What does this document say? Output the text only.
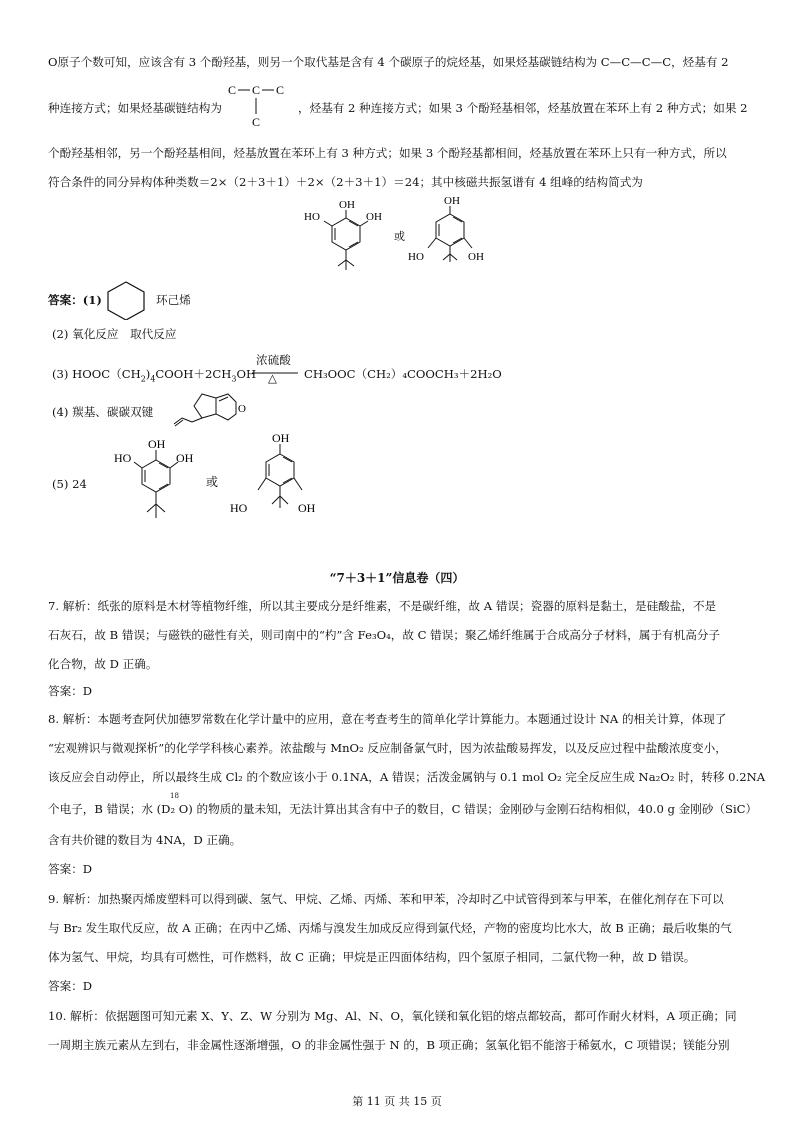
O原子个数可知，应该含有 3 个酚羟基，则另一个取代基是含有 4 个碳原子的烷烃基，如果烃基碳链结构为 C—C—C—C，烃基有 2
C C C
C
种连接方式；如果烃基碳链结构为	，烃基有 2 种连接方式；如果 3 个酚羟基相邻，烃基放置在苯环上有 2 种方式；如果 2
个酚羟基相邻，另一个酚羟基相间，烃基放置在苯环上有 3 种方式；如果 3 个酚羟基都相间，烃基放置在苯环上只有一种方式，所以
符合条件的同分异构体种类数＝2×（2＋3＋1）＋2×（2＋3＋1）＝24；其中核磁共振氢谱有 4 组峰的结构简式为
OH
HO	OH
或
OH
HO	OH
答案：(1)	环己烯
(2) 氧化反应　取代反应
(3) $HOOC(CH_2)_4COOH+2CH_3OH$
浓硫酸
△ CH₃OOC（CH₂）₄COOCH₃＋2H₂O
(4) 羰基、碳碳双键	O
OH
HO	OH
或
OH
HO	OH
(5) 24
“7＋3＋1”信息卷（四）
7. 解析：纸张的原料是木材等植物纤维，所以其主要成分是纤维素，不是碳纤维，故 A 错误；瓷器的原料是黏土，是硅酸盐，不是
石灰石，故 B 错误；与磁铁的磁性有关，则司南中的“杓”含 Fe₃O₄，故 C 错误；聚乙烯纤维属于合成高分子材料，属于有机高分子
化合物，故 D 正确。
答案：D
8. 解析：本题考查阿伏加德罗常数在化学计量中的应用，意在考查考生的简单化学计算能力。本题通过设计 NA 的相关计算，体现了
“宏观辨识与微观探析”的化学学科核心素养。浓盐酸与 MnO₂ 反应制备氯气时，因为浓盐酸易挥发，以及反应过程中盐酸浓度变小，
该反应会自动停止，所以最终生成 Cl₂ 的个数应该小于 0.1NA，A 错误；活泼金属钠与 0.1 mol O₂ 完全反应生成 Na₂O₂ 时，转移 0.2NA
18
个电子，B 错误；水 (D₂ O) 的物质的量未知，无法计算出其含有中子的数目，C 错误；金刚砂与金刚石结构相似，40.0 g 金刚砂（SiC）
含有共价键的数目为 4NA，D 正确。
答案：D
9. 解析：加热聚丙烯废塑料可以得到碳、氢气、甲烷、乙烯、丙烯、苯和甲苯，冷却时乙中试管得到苯与甲苯，在催化剂存在下可以
与 Br₂ 发生取代反应，故 A 正确；在丙中乙烯、丙烯与溴发生加成反应得到氯代烃，产物的密度均比水大，故 B 正确；最后收集的气
体为氢气、甲烷，均具有可燃性，可作燃料，故 C 正确；甲烷是正四面体结构，四个氢原子相同，二氯代物一种，故 D 错误。
答案：D
10. 解析：依据题图可知元素 X、Y、Z、W 分别为 Mg、Al、N、O，氧化镁和氧化铝的熔点都较高，都可作耐火材料，A 项正确；同
一周期主族元素从左到右，非金属性逐渐增强，O 的非金属性强于 N 的，B 项正确；氢氧化铝不能溶于稀氨水，C 项错误；镁能分别
第 11 页 共 15 页
